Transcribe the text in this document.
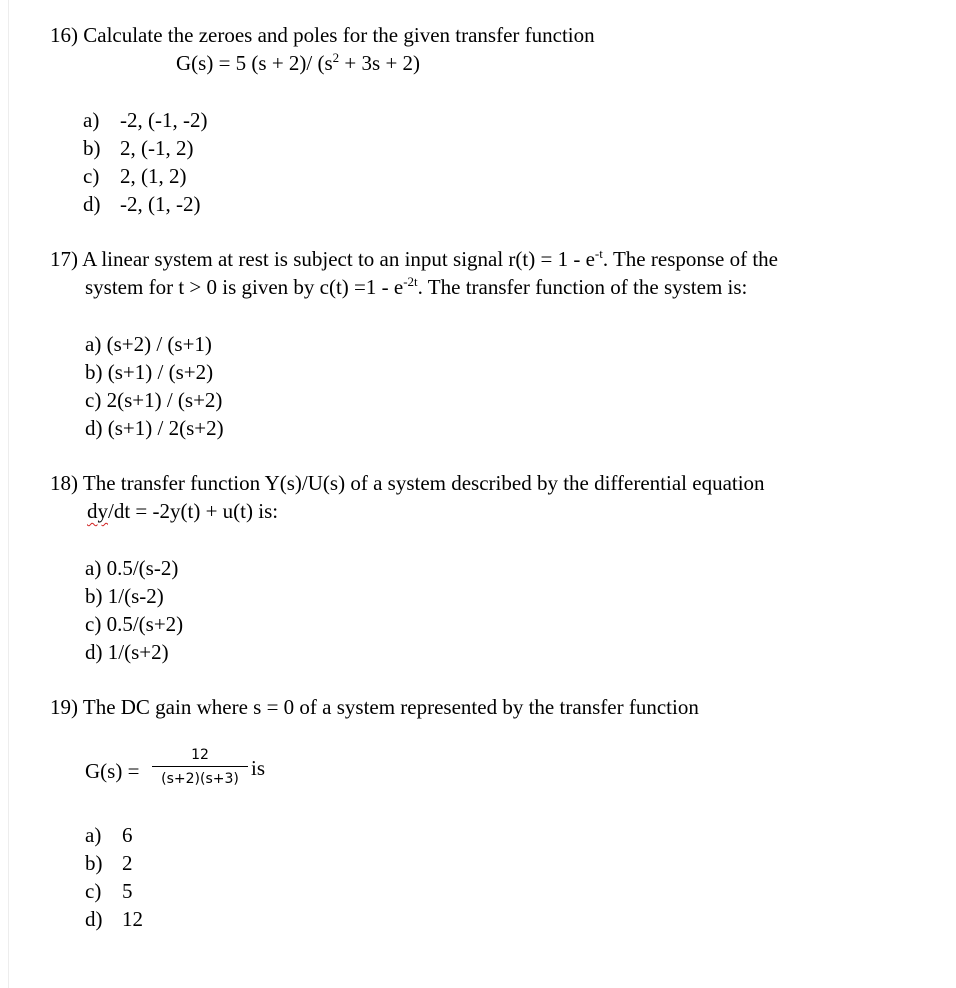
16) Calculate the zeroes and poles for the given transfer function
G(s) = 5 (s + 2)/ $(s^2 + 3s + 2)$
a) -2, (-1, -2)
b) 2, (-1, 2)
c) 2, (1, 2)
d) -2, (1, -2)
17) A linear system at rest is subject to an input signal $r(t) = 1 - e^{-t}$. The response of the
system for t > 0 is given by $c(t) =1 - e^{-2t}$. The transfer function of the system is:
a) (s+2) / (s+1)
b) (s+1) / (s+2)
c) 2(s+1) / (s+2)
d) (s+1) / 2(s+2)
18) The transfer function Y(s)/U(s) of a system described by the differential equation
dy/dt = -2y(t) + u(t) is:
a) 0.5/(s-2)
b) 1/(s-2)
c) 0.5/(s+2)
d) 1/(s+2)
19) The DC gain where s = 0 of a system represented by the transfer function
G(s) =
12
(s+2)(s+3) is
a) 6
b) 2
c) 5
d) 12
